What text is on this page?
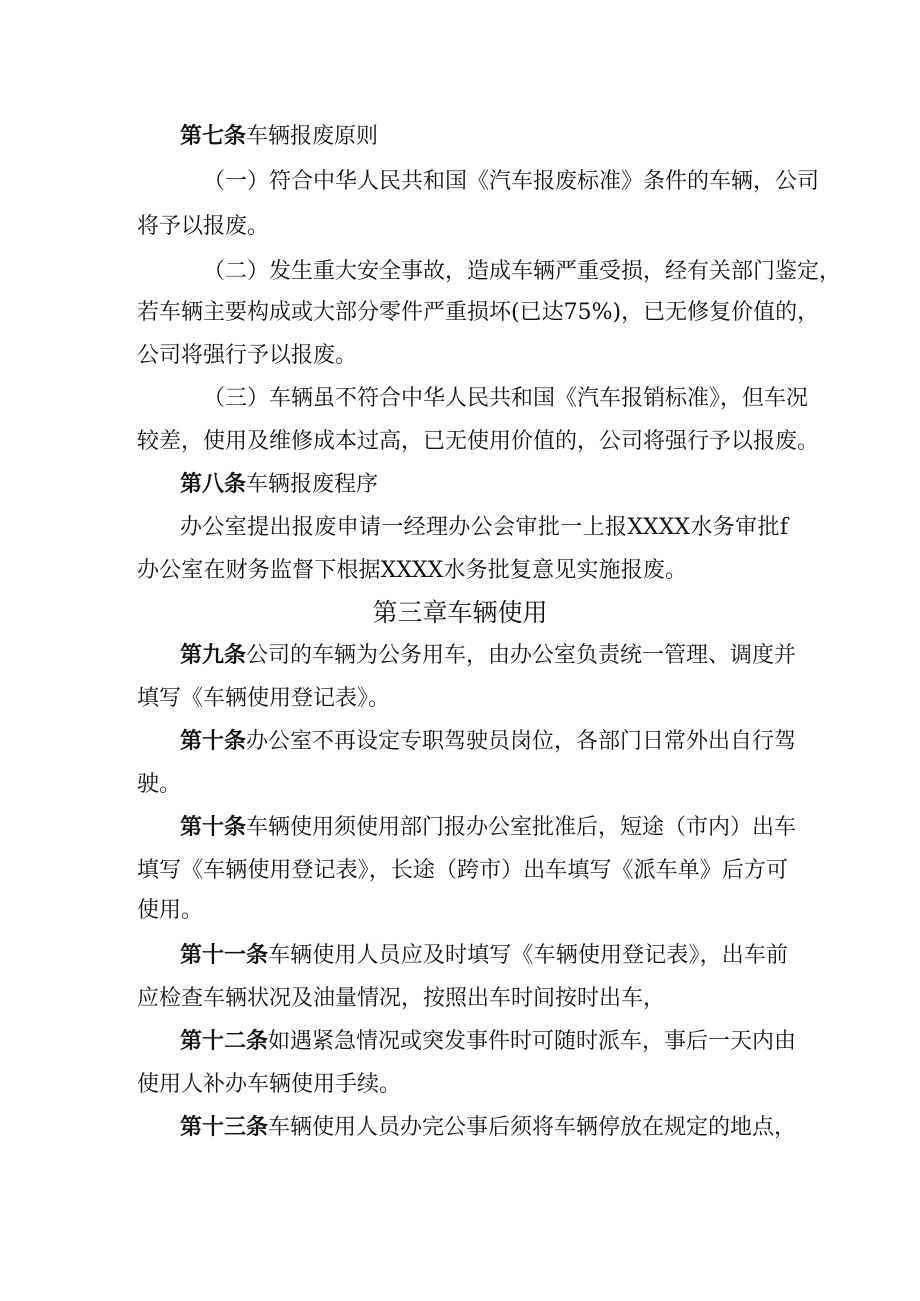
第七条车辆报废原则
（一）符合中华人民共和国《汽车报废标准》条件的车辆，公司
将予以报废。
（二）发生重大安全事故，造成车辆严重受损，经有关部门鉴定，
若车辆主要构成或大部分零件严重损坏(已达75%)，已无修复价值的，
公司将强行予以报废。
（三）车辆虽不符合中华人民共和国《汽车报销标准》，但车况
较差，使用及维修成本过高，已无使用价值的，公司将强行予以报废。
第八条车辆报废程序
办公室提出报废申请一经理办公会审批一上报XXXX水务审批f
办公室在财务监督下根据XXXX水务批复意见实施报废。
第三章车辆使用
第九条 公司的车辆为公务用车，由办公室负责统一管理、调度并
填写《车辆使用登记表》。
第十条 办公室不再设定专职驾驶员岗位，各部门日常外出自行驾
驶。
第十条 车辆使用须使用部门报办公室批准后，短途（市内）出车
填写《车辆使用登记表》，长途（跨市）出车填写《派车单》后方可
使用。
第十一条 车辆使用人员应及时填写《车辆使用登记表》，出车前
应检查车辆状况及油量情况，按照出车时间按时出车，
第十二条 如遇紧急情况或突发事件时可随时派车，事后一天内由
使用人补办车辆使用手续。
第十三条 车辆使用人员办完公事后须将车辆停放在规定的地点，
